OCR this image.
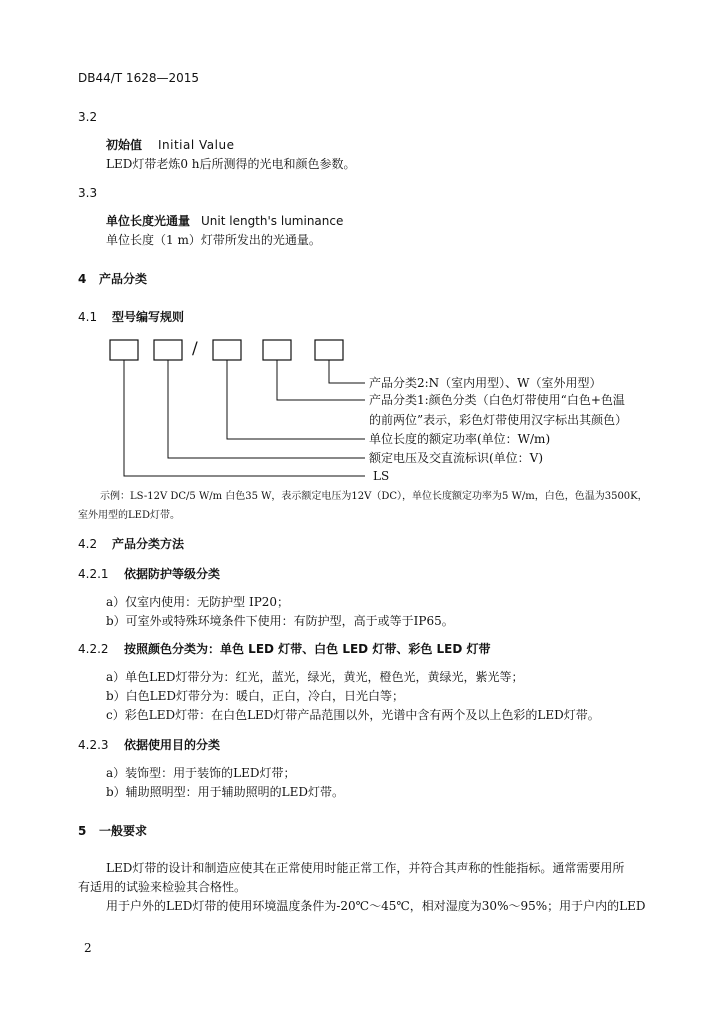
DB44/T 1628—2015
3.2
初始值 Initial Value
LED灯带老炼0 h后所测得的光电和颜色参数。
3.3
单位长度光通量 Unit length's luminance
单位长度（1 m）灯带所发出的光通量。
4 产品分类
4.1 型号编写规则
/
产品分类2:N（室内用型）、W（室外用型）
产品分类1:颜色分类（白色灯带使用“白色+色温
的前两位”表示，彩色灯带使用汉字标出其颜色）
单位长度的额定功率(单位：W/m)
额定电压及交直流标识(单位：V)
LS
示例：LS-12V DC/5 W/m 白色35 W，表示额定电压为12V（DC），单位长度额定功率为5 W/m，白色，色温为3500K，
室外用型的LED灯带。
4.2 产品分类方法
4.2.1 依据防护等级分类
a）仅室内使用：无防护型 IP20；
b）可室外或特殊环境条件下使用：有防护型，高于或等于IP65。
4.2.2 按照颜色分类为：单色 LED 灯带、白色 LED 灯带、彩色 LED 灯带
a）单色LED灯带分为：红光，蓝光，绿光，黄光，橙色光，黄绿光，紫光等；
b）白色LED灯带分为：暖白，正白，冷白，日光白等；
c）彩色LED灯带：在白色LED灯带产品范围以外，光谱中含有两个及以上色彩的LED灯带。
4.2.3 依据使用目的分类
a）装饰型：用于装饰的LED灯带；
b）辅助照明型：用于辅助照明的LED灯带。
5 一般要求
LED灯带的设计和制造应使其在正常使用时能正常工作，并符合其声称的性能指标。通常需要用所
有适用的试验来检验其合格性。
用于户外的LED灯带的使用环境温度条件为-20℃～45℃，相对湿度为30%～95%；用于户内的LED
2
